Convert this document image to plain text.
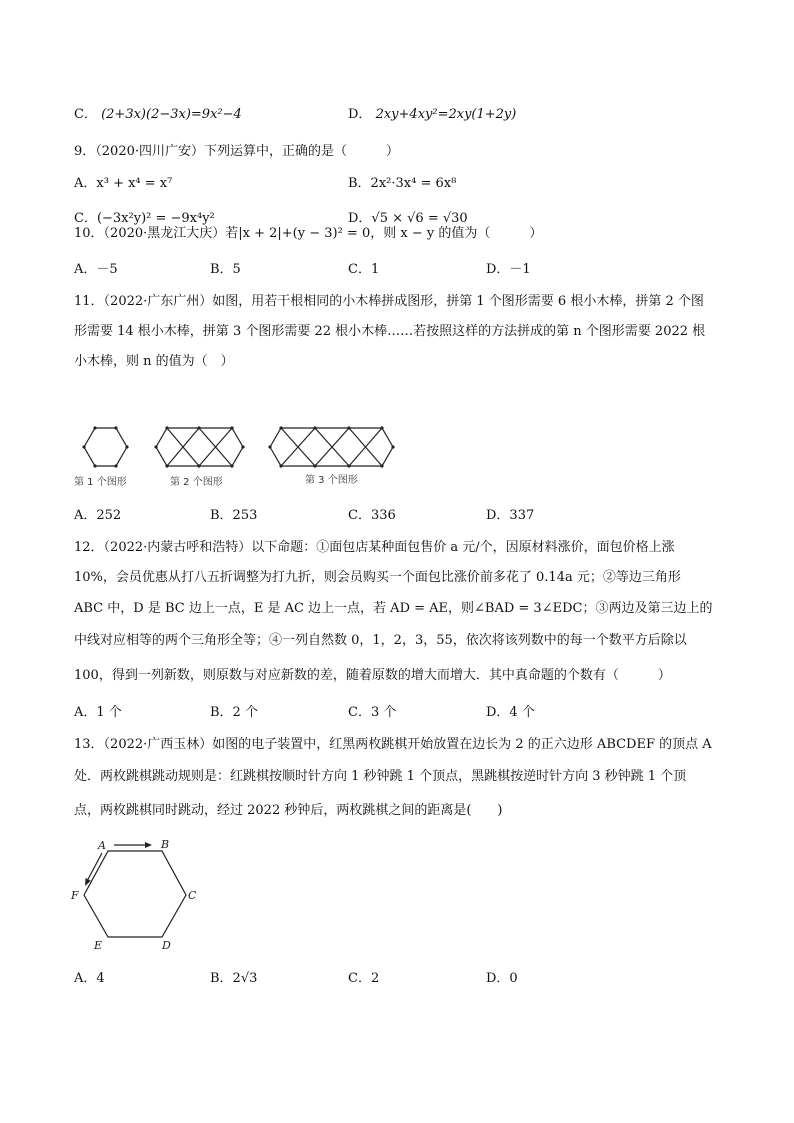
C． (2+3x)(2−3x)=9x²−4	D． 2xy+4xy²=2xy(1+2y)
9．（2020·四川广安）下列运算中，正确的是（　　　）
A．x³ + x⁴ = x⁷	B．2x²·3x⁴ = 6x⁸
C．(−3x²y)² = −9x⁴y²	D．√5 × √6 = √30
10．（2020·黑龙江大庆）若|x + 2|+(y − 3)² = 0，则 x − y 的值为（　　　）
A．－5	B．5	C．1	D．－1
11．（2022·广东广州）如图，用若干根相同的小木棒拼成图形，拼第 1 个图形需要 6 根小木棒，拼第 2 个图
形需要 14 根小木棒，拼第 3 个图形需要 22 根小木棒……若按照这样的方法拼成的第 n 个图形需要 2022 根
小木棒，则 n 的值为（　）
第 1 个图形	第 2 个图形	第 3 个图形
A．252	B．253	C．336	D．337
12．（2022·内蒙古呼和浩特）以下命题：①面包店某种面包售价 a 元/个，因原材料涨价，面包价格上涨
10%，会员优惠从打八五折调整为打九折，则会员购买一个面包比涨价前多花了 0.14a 元；②等边三角形
ABC 中，D 是 BC 边上一点，E 是 AC 边上一点，若 AD = AE，则∠BAD = 3∠EDC；③两边及第三边上的
中线对应相等的两个三角形全等；④一列自然数 0，1，2，3，55，依次将该列数中的每一个数平方后除以
100，得到一列新数，则原数与对应新数的差，随着原数的增大而增大．其中真命题的个数有（　　　）
A．1 个	B．2 个	C．3 个	D．4 个
13．（2022·广西玉林）如图的电子装置中，红黑两枚跳棋开始放置在边长为 2 的正六边形 ABCDEF 的顶点 A
处．两枚跳棋跳动规则是：红跳棋按顺时针方向 1 秒钟跳 1 个顶点，黑跳棋按逆时针方向 3 秒钟跳 1 个顶
点，两枚跳棋同时跳动，经过 2022 秒钟后，两枚跳棋之间的距离是(　　)
A	B
C
D
E
F
A．4	B．2√3	C．2	D．0
